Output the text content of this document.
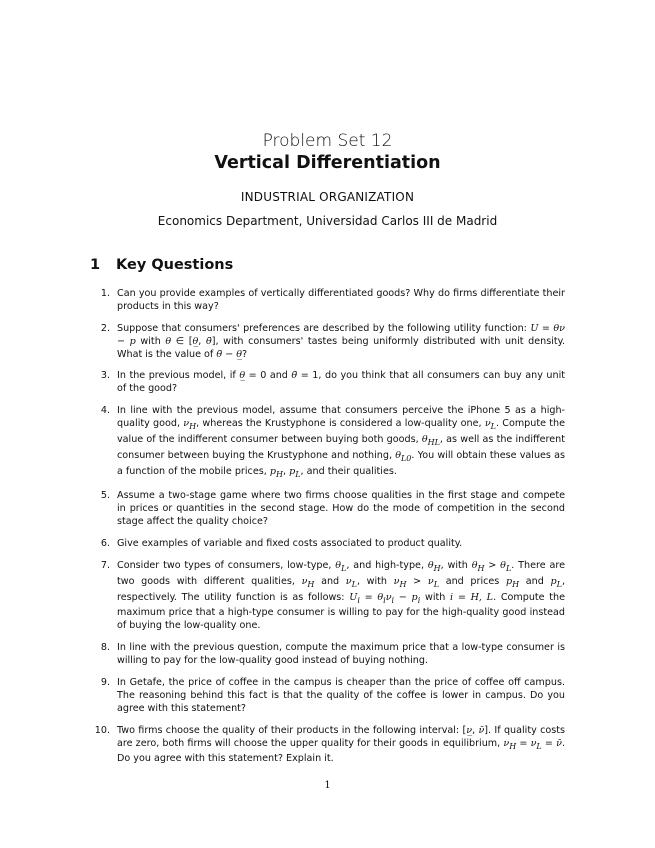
Problem Set 12
Vertical Differentiation
INDUSTRIAL ORGANIZATION
Economics Department, Universidad Carlos III de Madrid
1 Key Questions
1. Can you provide examples of vertically differentiated goods? Why do firms differentiate their products in this way?
2. Suppose that consumers' preferences are described by the following utility function: U = θν − p with θ ∈ [θ̲, θ̄], with consumers' tastes being uniformly distributed with unit density. What is the value of θ̄ − θ̲?
3. In the previous model, if θ̲ = 0 and θ̄ = 1, do you think that all consumers can buy any unit of the good?
4. In line with the previous model, assume that consumers perceive the iPhone 5 as a high-quality good, $\nu_H$, whereas the Krustyphone is considered a low-quality one, $\nu_L$. Compute the value of the indifferent consumer between buying both goods, $\theta_{HL}$, as well as the indifferent consumer between buying the Krustyphone and nothing, $\theta_{L0}$. You will obtain these values as a function of the mobile prices, $p_H$, $p_L$, and their qualities.
5. Assume a two-stage game where two firms choose qualities in the first stage and compete in prices or quantities in the second stage. How do the mode of competition in the second stage affect the quality choice?
6. Give examples of variable and fixed costs associated to product quality.
7. Consider two types of consumers, low-type, $\theta_L$, and high-type, $\theta_H$, with $\theta_H > \theta_L$. There are two goods with different qualities, $\nu_H$ and $\nu_L$, with $\nu_H > \nu_L$ and prices $p_H$ and $p_L$, respectively. The utility function is as follows: $U_i = \theta_i\nu_i - p_i$ with i = H, L. Compute the maximum price that a high-type consumer is willing to pay for the high-quality good instead of buying the low-quality one.
8. In line with the previous question, compute the maximum price that a low-type consumer is willing to pay for the low-quality good instead of buying nothing.
9. In Getafe, the price of coffee in the campus is cheaper than the price of coffee off campus. The reasoning behind this fact is that the quality of the coffee is lower in campus. Do you agree with this statement?
10. Two firms choose the quality of their products in the following interval: [ν̲, ν̄]. If quality costs are zero, both firms will choose the upper quality for their goods in equilibrium, $\nu_H = \nu_L$ = ν̄. Do you agree with this statement? Explain it.
1
